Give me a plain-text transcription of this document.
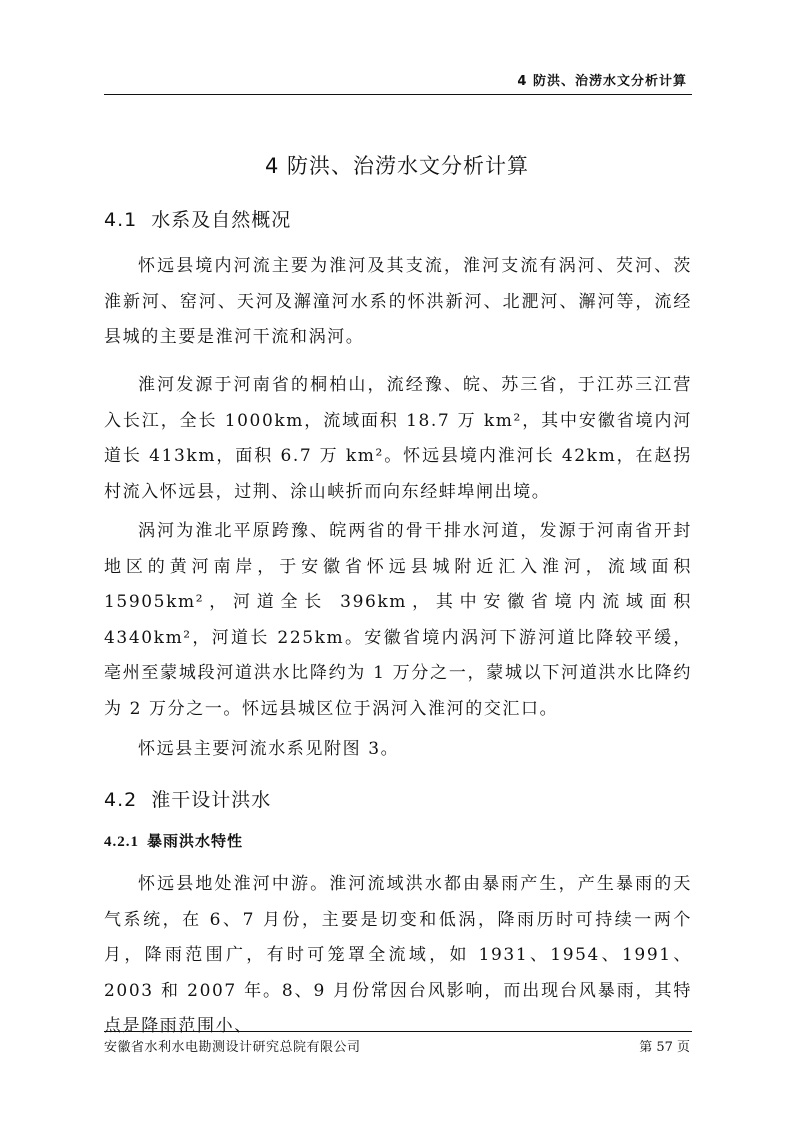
4 防洪、治涝水文分析计算
4 防洪、治涝水文分析计算
4.1 水系及自然概况
怀远县境内河流主要为淮河及其支流，淮河支流有涡河、芡河、茨淮新河、窑河、天河及澥潼河水系的怀洪新河、北淝河、澥河等，流经县城的主要是淮河干流和涡河。
淮河发源于河南省的桐柏山，流经豫、皖、苏三省，于江苏三江营入长江，全长 1000km，流域面积 18.7 万 km²，其中安徽省境内河道长 413km，面积 6.7 万 km²。怀远县境内淮河长 42km，在赵拐村流入怀远县，过荆、涂山峡折而向东经蚌埠闸出境。
涡河为淮北平原跨豫、皖两省的骨干排水河道，发源于河南省开封地区的黄河南岸，于安徽省怀远县城附近汇入淮河，流域面积 15905km²，河道全长 396km，其中安徽省境内流域面积 4340km²，河道长 225km。安徽省境内涡河下游河道比降较平缓，亳州至蒙城段河道洪水比降约为 1 万分之一，蒙城以下河道洪水比降约为 2 万分之一。怀远县城区位于涡河入淮河的交汇口。
怀远县主要河流水系见附图 3。
4.2 淮干设计洪水
4.2.1 暴雨洪水特性
怀远县地处淮河中游。淮河流域洪水都由暴雨产生，产生暴雨的天气系统，在 6、7 月份，主要是切变和低涡，降雨历时可持续一两个月，降雨范围广，有时可笼罩全流域，如 1931、1954、1991、2003 和 2007 年。8、9 月份常因台风影响，而出现台风暴雨，其特点是降雨范围小、
安徽省水利水电勘测设计研究总院有限公司	第 57 页
